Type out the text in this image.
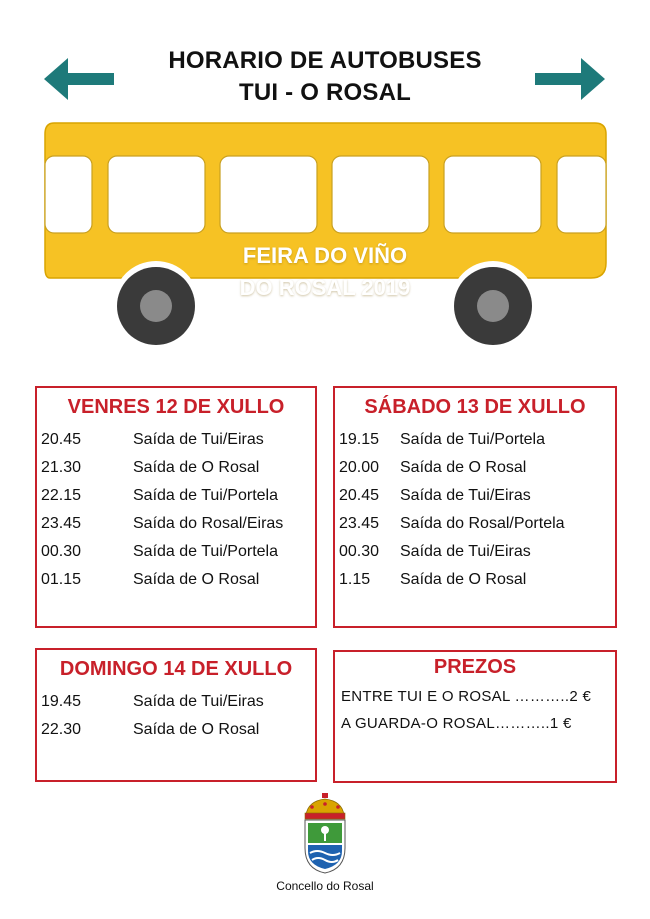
HORARIO DE AUTOBUSES
TUI - O ROSAL
FEIRA DO VIÑO
DO ROSAL 2019
VENRES 12 DE XULLO
20.45	Saída de Tui/Eiras
21.30	Saída de O Rosal
22.15	Saída de Tui/Portela
23.45	Saída do Rosal/Eiras
00.30	Saída de Tui/Portela
01.15	Saída de O Rosal
SÁBADO 13 DE XULLO
19.15 Saída de Tui/Portela
20.00 Saída de O Rosal
20.45 Saída de Tui/Eiras
23.45 Saída do Rosal/Portela
00.30 Saída de Tui/Eiras
1.15 Saída de O Rosal
DOMINGO 14 DE XULLO
19.45	Saída de Tui/Eiras
22.30	Saída de O Rosal
PREZOS
ENTRE TUI E O ROSAL ………..2 €
A GUARDA-O ROSAL………..1 €
Concello do Rosal
